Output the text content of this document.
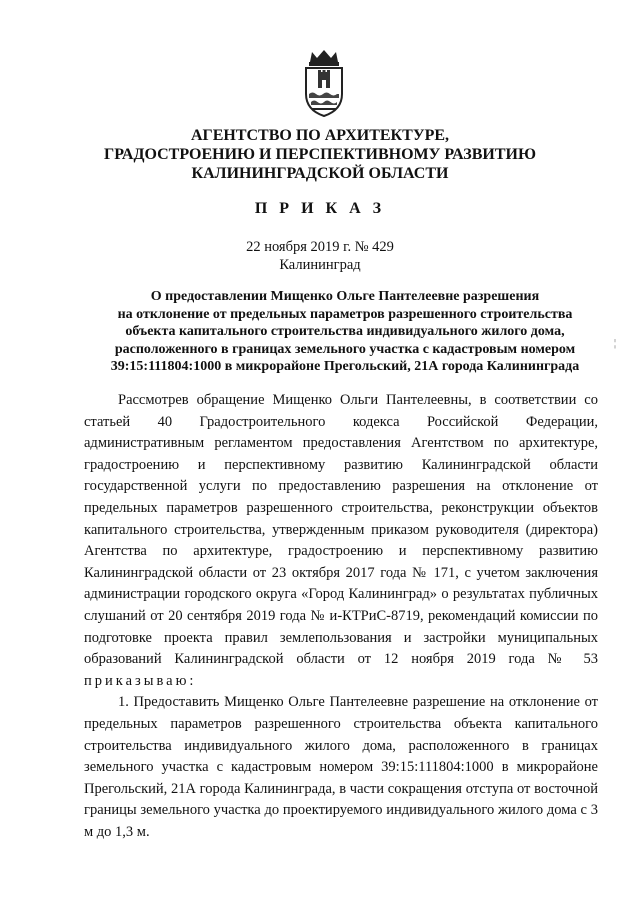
АГЕНТСТВО ПО АРХИТЕКТУРЕ,
ГРАДОСТРОЕНИЮ И ПЕРСПЕКТИВНОМУ РАЗВИТИЮ
КАЛИНИНГРАДСКОЙ ОБЛАСТИ
П Р И К А З
22 ноября 2019 г. № 429
Калининград
О предоставлении Мищенко Ольге Пантелеевне разрешения
на отклонение от предельных параметров разрешенного строительства
объекта капитального строительства индивидуального жилого дома,
расположенного в границах земельного участка с кадастровым номером
39:15:111804:1000 в микрорайоне Прегольский, 21А города Калининграда
¦

Рассмотрев обращение Мищенко Ольги Пантелеевны, в соответствии со статьей 40 Градостроительного кодекса Российской Федерации, административным регламентом предоставления Агентством по архитектуре, градостроению и перспективному развитию Калининградской области государственной услуги по предоставлению разрешения на отклонение от предельных параметров разрешенного строительства, реконструкции объектов капитального строительства, утвержденным приказом руководителя (директора) Агентства по архитектуре, градостроению и перспективному развитию Калининградской области от 23 октября 2017 года № 171, с учетом заключения администрации городского округа «Город Калининград» о результатах публичных слушаний от 20 сентября 2019 года № и-КТРиС-8719, рекомендаций комиссии по подготовке проекта правил землепользования и застройки муниципальных образований Калининградской области от 12 ноября 2019 года № 53 приказываю:

1. Предоставить Мищенко Ольге Пантелеевне разрешение на отклонение от предельных параметров разрешенного строительства объекта капитального строительства индивидуального жилого дома, расположенного в границах земельного участка с кадастровым номером 39:15:111804:1000 в микрорайоне Прегольский, 21А города Калининграда, в части сокращения отступа от восточной границы земельного участка до проектируемого индивидуального жилого дома с 3 м до 1,3 м.
